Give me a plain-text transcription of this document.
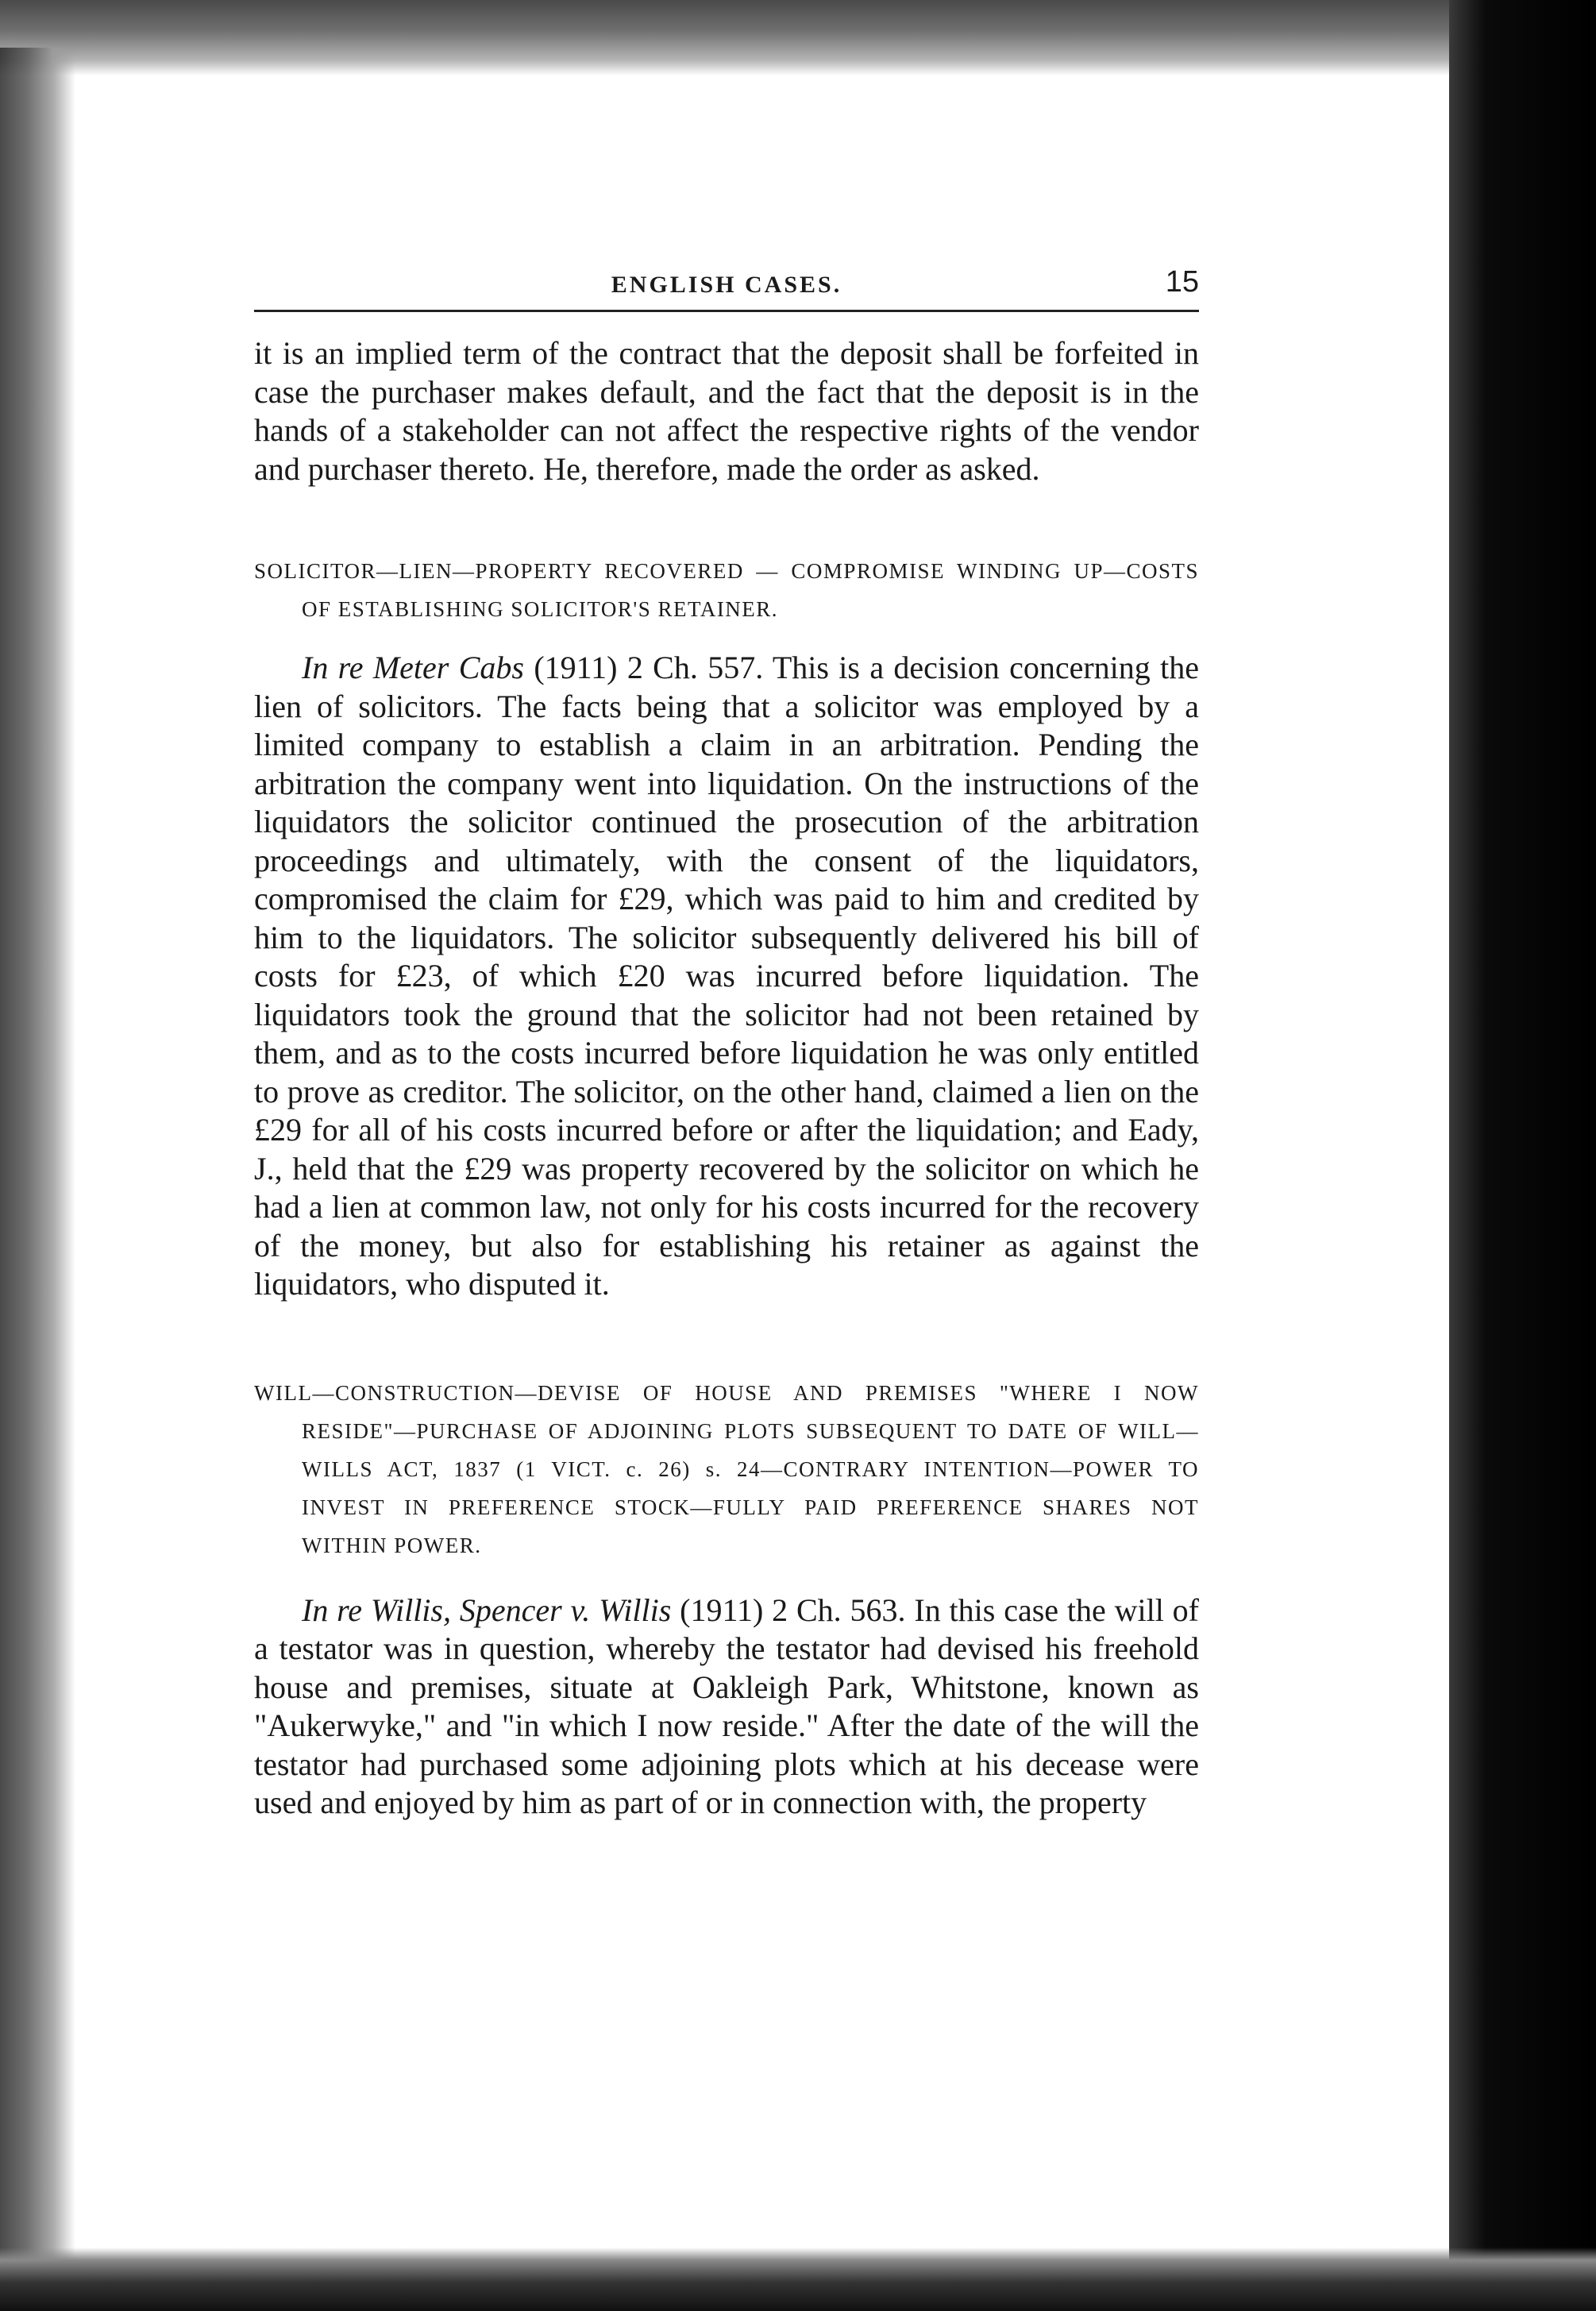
ENGLISH CASES.	15

it is an implied term of the contract that the deposit shall be forfeited in case the purchaser makes default, and the fact that the deposit is in the hands of a stakeholder can not affect the respective rights of the vendor and purchaser thereto. He, therefore, made the order as asked.

SOLICITOR—LIEN—PROPERTY RECOVERED — COMPROMISE WINDING UP—COSTS OF ESTABLISHING SOLICITOR'S RETAINER.

In re Meter Cabs (1911) 2 Ch. 557. This is a decision concerning the lien of solicitors. The facts being that a solicitor was employed by a limited company to establish a claim in an arbitration. Pending the arbitration the company went into liquidation. On the instructions of the liquidators the solicitor continued the prosecution of the arbitration proceedings and ultimately, with the consent of the liquidators, compromised the claim for £29, which was paid to him and credited by him to the liquidators. The solicitor subsequently delivered his bill of costs for £23, of which £20 was incurred before liquidation. The liquidators took the ground that the solicitor had not been retained by them, and as to the costs incurred before liquidation he was only entitled to prove as creditor. The solicitor, on the other hand, claimed a lien on the £29 for all of his costs incurred before or after the liquidation; and Eady, J., held that the £29 was property recovered by the solicitor on which he had a lien at common law, not only for his costs incurred for the recovery of the money, but also for establishing his retainer as against the liquidators, who disputed it.

WILL—CONSTRUCTION—DEVISE OF HOUSE AND PREMISES "WHERE I NOW RESIDE"—PURCHASE OF ADJOINING PLOTS SUBSEQUENT TO DATE OF WILL—WILLS ACT, 1837 (1 VICT. c. 26) s. 24—CONTRARY INTENTION—POWER TO INVEST IN PREFERENCE STOCK—FULLY PAID PREFERENCE SHARES NOT WITHIN POWER.

In re Willis, Spencer v. Willis (1911) 2 Ch. 563. In this case the will of a testator was in question, whereby the testator had devised his freehold house and premises, situate at Oakleigh Park, Whitstone, known as "Aukerwyke," and "in which I now reside." After the date of the will the testator had purchased some adjoining plots which at his decease were used and enjoyed by him as part of or in connection with, the property
